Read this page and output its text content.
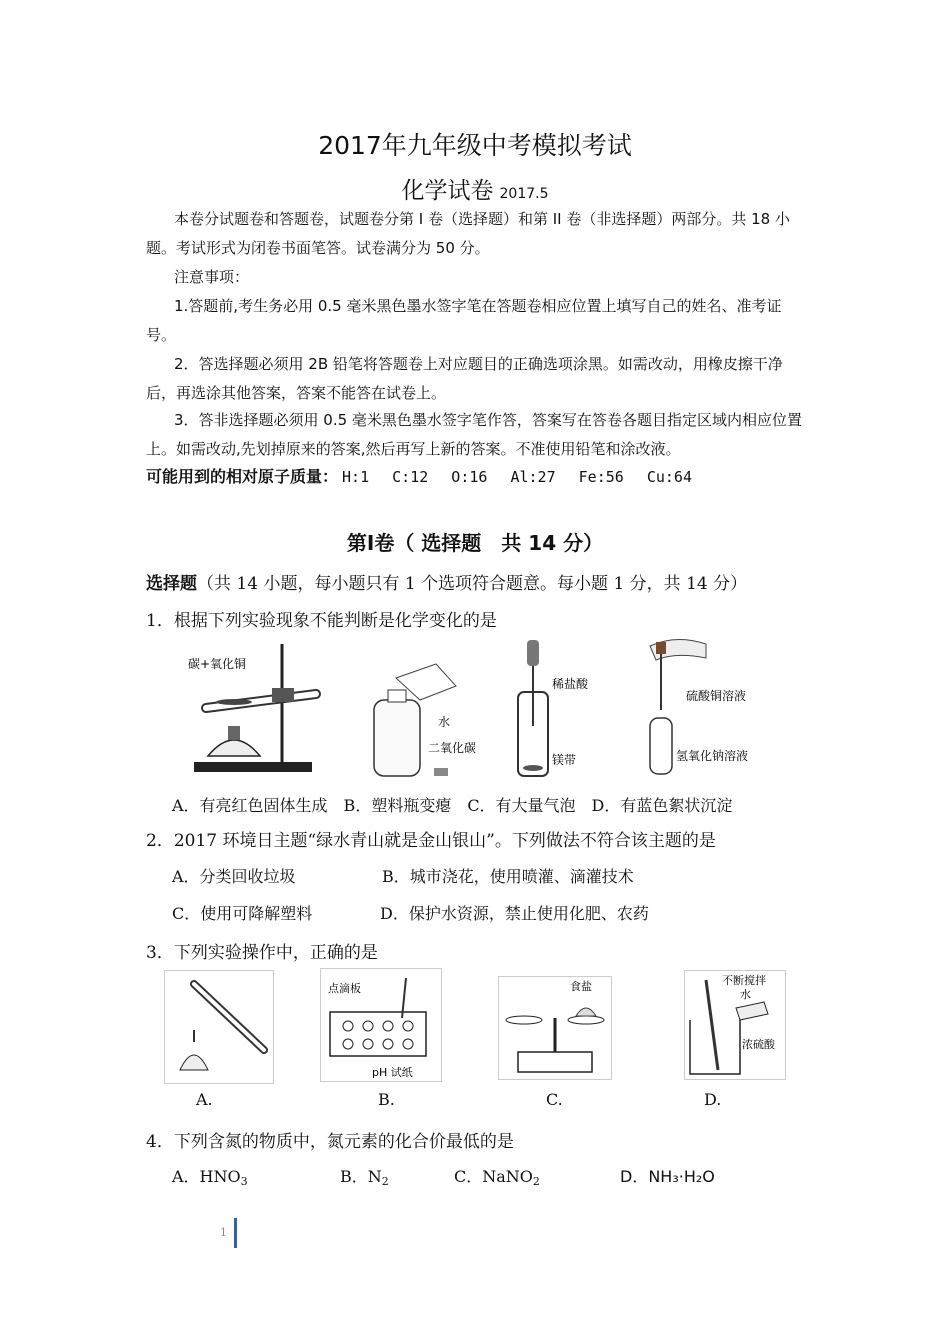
2017年九年级中考模拟考试
化学试卷 2017.5
本卷分试题卷和答题卷，试题卷分第 I 卷（选择题）和第 II 卷（非选择题）两部分。共 18 小题。考试形式为闭卷书面笔答。试卷满分为 50 分。
注意事项：
1.答题前,考生务必用 0.5 毫米黑色墨水签字笔在答题卷相应位置上填写自己的姓名、准考证号。
2．答选择题必须用 2B 铅笔将答题卷上对应题目的正确选项涂黑。如需改动，用橡皮擦干净后，再选涂其他答案，答案不能答在试卷上。
3．答非选择题必须用 0.5 毫米黑色墨水签字笔作答，答案写在答卷各题目指定区域内相应位置上。如需改动,先划掉原来的答案,然后再写上新的答案。不准使用铅笔和涂改液。
可能用到的相对原子质量： H:1 C:12 O:16 Al:27 Fe:56 Cu:64
第Ⅰ卷（ 选择题　共 14 分）
选择题（共 14 小题，每小题只有 1 个选项符合题意。每小题 1 分，共 14 分）
1．根据下列实验现象不能判断是化学变化的是
碳+氧化铜
水
二氧化碳
稀盐酸
镁带
硫酸铜溶液
氢氧化钠溶液
A．有亮红色固体生成　B．塑料瓶变瘪　C．有大量气泡　D．有蓝色絮状沉淀
2．2017 环境日主题“绿水青山就是金山银山”。下列做法不符合该主题的是
A．分类回收垃圾	B．城市浇花，使用喷灌、滴灌技术
C．使用可降解塑料	D．保护水资源，禁止使用化肥、农药
3．下列实验操作中，正确的是
点滴板
pH 试纸
食盐	不断搅拌
水
浓硫酸
A.	B.	C.	D.
4．下列含氮的物质中，氮元素的化合价最低的是
A．$HNO_3$	B．$N_2$	C．NaNO$_2$	D．NH₃·H₂O
1
